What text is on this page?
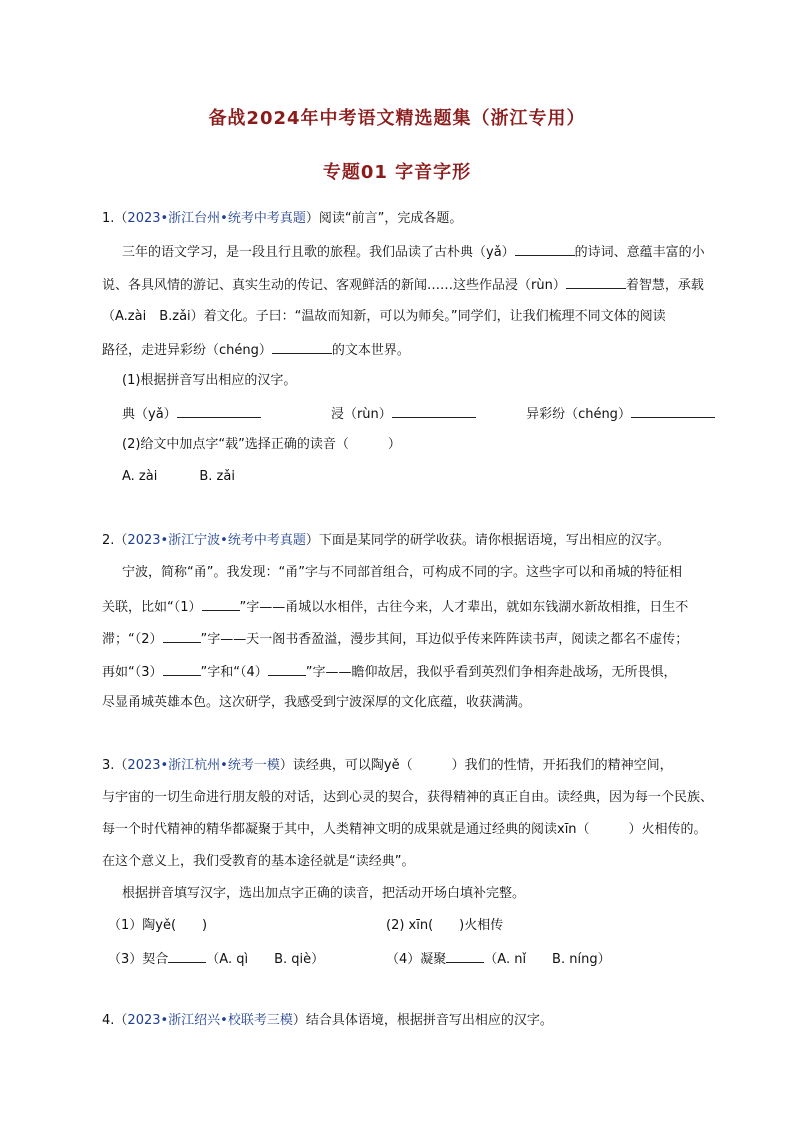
备战2024年中考语文精选题集（浙江专用）
专题01 字音字形
1.（2023•浙江台州•统考中考真题）阅读“前言”，完成各题。
三年的语文学习，是一段且行且歌的旅程。我们品读了古朴典（yǎ）	的诗词、意蕴丰富的小
说、各具风情的游记、真实生动的传记、客观鲜活的新闻……这些作品浸（rùn）	着智慧，承载
（A.zài　B.zǎi）着文化。子曰：“温故而知新，可以为师矣。”同学们，让我们梳理不同文体的阅读
路径，走进异彩纷（chéng）	的文本世界。
(1)根据拼音写出相应的汉字。
典（yǎ）	浸（rùn）	异彩纷（chéng）
(2)给文中加点字“载”选择正确的读音（　　　）
A. zài	B. zǎi
2.（2023•浙江宁波•统考中考真题）下面是某同学的研学收获。请你根据语境，写出相应的汉字。
宁波，简称“甬”。我发现：“甬”字与不同部首组合，可构成不同的字。这些字可以和甬城的特征相
关联，比如“（1）	”字——甬城以水相伴，古往今来，人才辈出，就如东钱湖水新故相推，日生不
滞；“（2）	”字——天一阁书香盈溢，漫步其间，耳边似乎传来阵阵读书声，阅读之都名不虚传；
再如“（3）	”字和“（4）	”字——瞻仰故居，我似乎看到英烈们争相奔赴战场，无所畏惧，
尽显甬城英雄本色。这次研学，我感受到宁波深厚的文化底蕴，收获满满。
3.（2023•浙江杭州•统考一模）读经典，可以陶yě（　　　）我们的性情，开拓我们的精神空间，
与宇宙的一切生命进行朋友般的对话，达到心灵的契合，获得精神的真正自由。读经典，因为每一个民族、
每一个时代精神的精华都凝聚于其中，人类精神文明的成果就是通过经典的阅读xīn（　　　）火相传的。
在这个意义上，我们受教育的基本途径就是“读经典”。
根据拼音填写汉字，选出加点字正确的读音，把活动开场白填补完整。
（1）陶yě(　　)	(2) xīn(　　)火相传
（3）契合	（A. qì　　B. qiè）	（4）凝聚	（A. nǐ　　B. níng）
4.（2023•浙江绍兴•校联考三模）结合具体语境，根据拼音写出相应的汉字。
